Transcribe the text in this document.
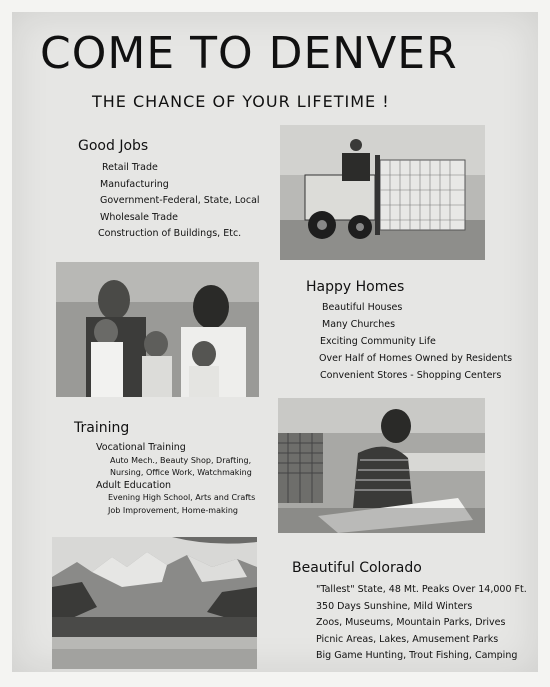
COME TO DENVER
THE CHANCE OF YOUR LIFETIME !
Good Jobs
Retail Trade
Manufacturing
Government-Federal, State, Local
Wholesale Trade
Construction of Buildings, Etc.
Happy Homes
Beautiful Houses
Many Churches
Exciting Community Life
Over Half of Homes Owned by Residents
Convenient Stores - Shopping Centers
Training
Vocational Training
Auto Mech., Beauty Shop, Drafting,
Nursing, Office Work, Watchmaking
Adult Education
Evening High School, Arts and Crafts
Job Improvement, Home-making
Beautiful Colorado
"Tallest" State, 48 Mt. Peaks Over 14,000 Ft.
350 Days Sunshine, Mild Winters
Zoos, Museums, Mountain Parks, Drives
Picnic Areas, Lakes, Amusement Parks
Big Game Hunting, Trout Fishing, Camping
